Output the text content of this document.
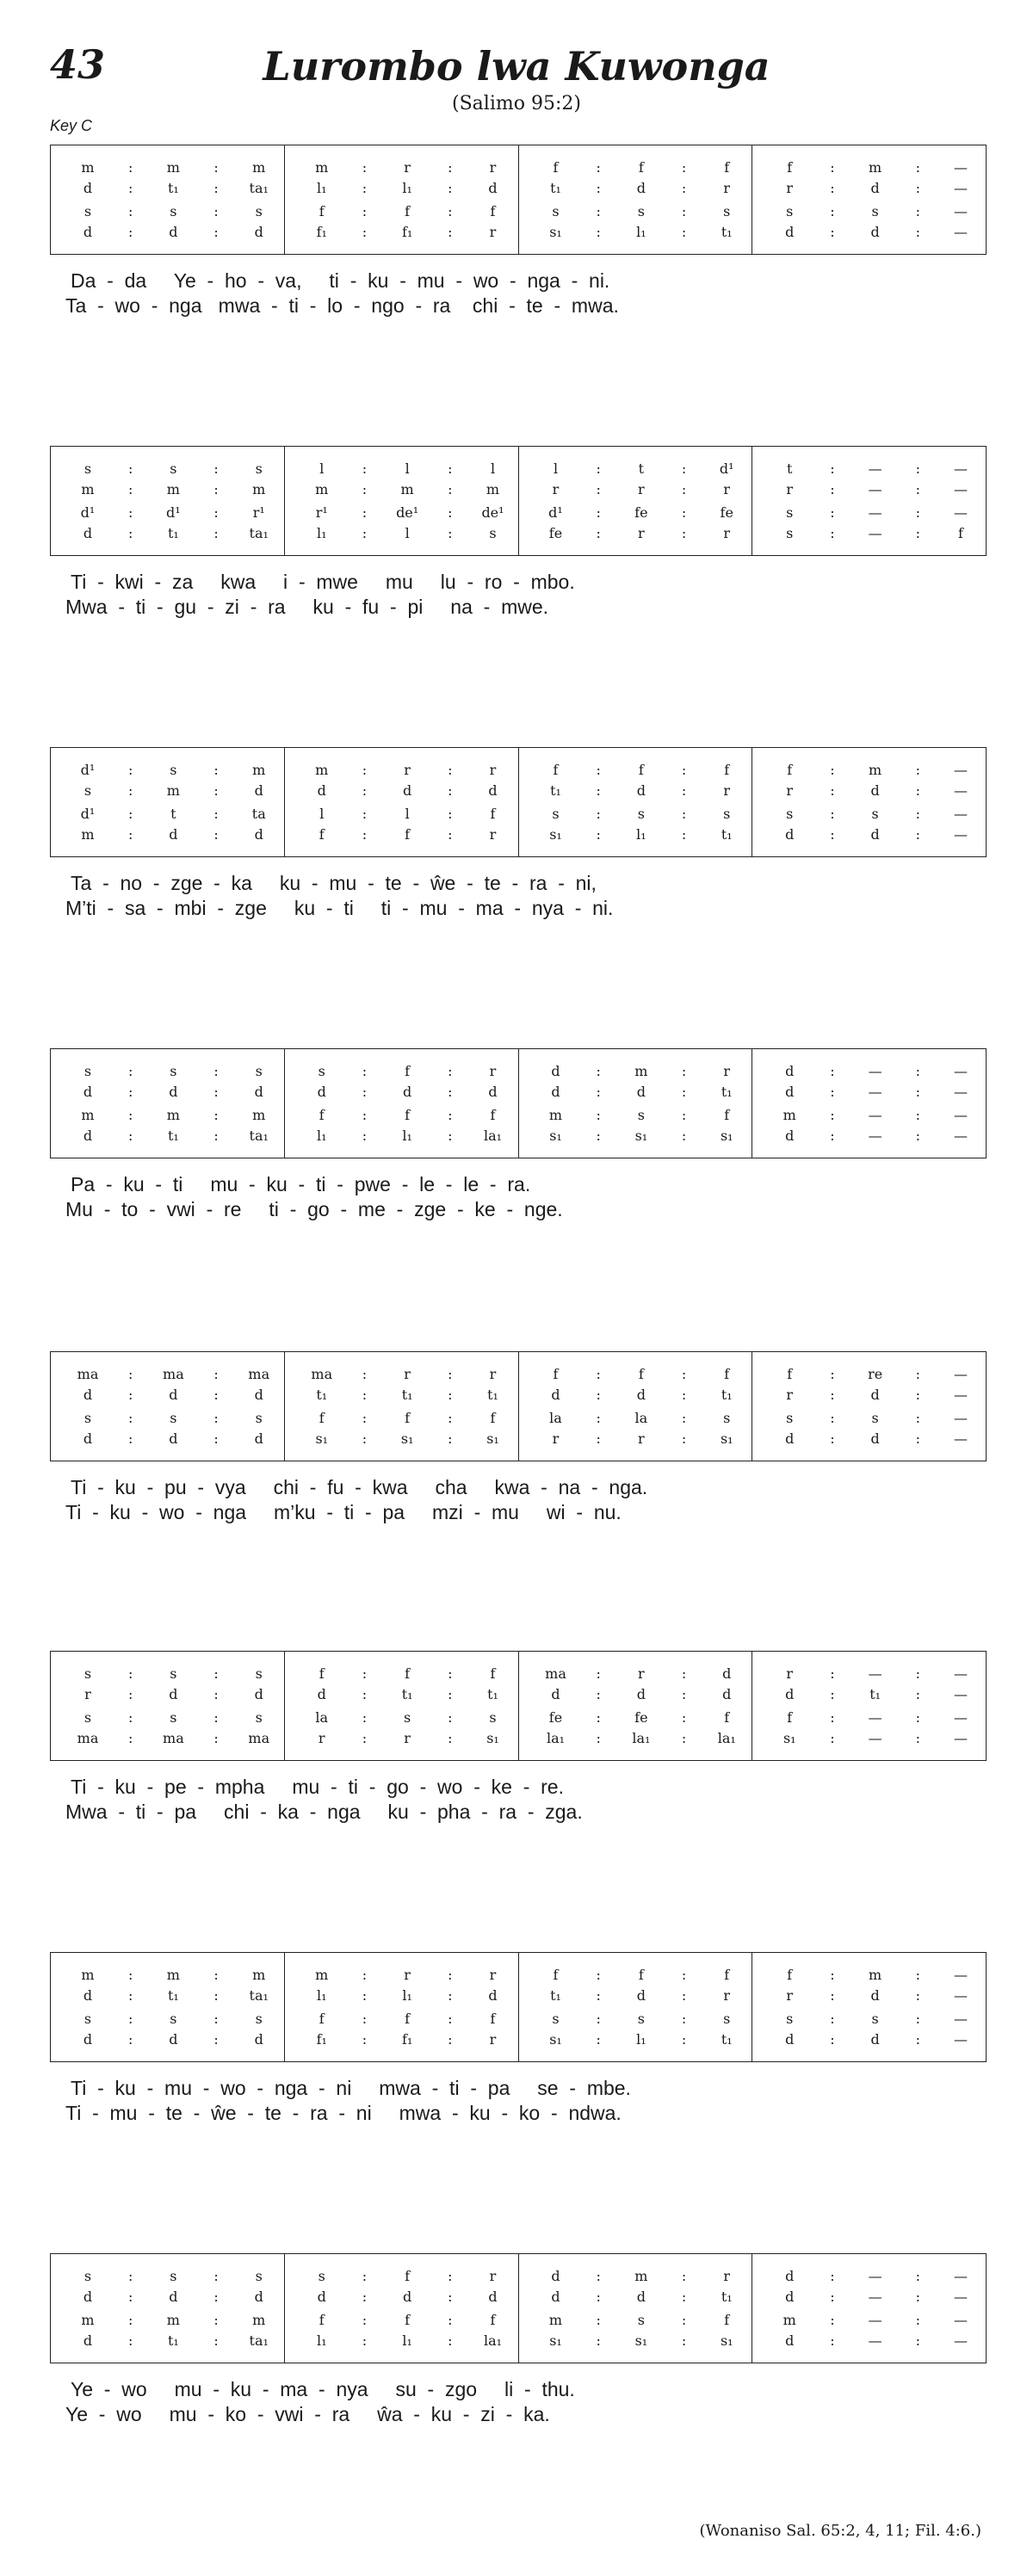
43	Lurombo lwa Kuwonga
(Salimo 95:2)
Key C
m	:	m	:	m
d	:	t₁	:	ta₁
s	:	s	:	s
d	:	d	:	d
m	:	r	:	r
l₁	:	l₁	:	d
f	:	f	:	f
f₁	:	f₁	:	r
f	:	f	:	f
t₁	:	d	:	r
s	:	s	:	s
s₁	:	l₁	:	t₁
f	:	m	:	—
r	:	d	:	—
s	:	s	:	—
d	:	d	:	—
Da  -  da     Ye  -  ho  -  va,     ti  -  ku  -  mu  -  wo  -  nga  -  ni.
Ta  -  wo  -  nga   mwa  -  ti  -  lo  -  ngo  -  ra    chi  -  te  -  mwa.
s	:	s	:	s
m	:	m	:	m
d¹	:	d¹	:	r¹
d	:	t₁	:	ta₁
l	:	l	:	l
m	:	m	:	m
r¹	: de¹ : de¹
l₁	:	l	:	s
l	:	t	:	d¹
r	:	r	:	r
d¹	:	fe	:	fe
fe	:	r	:	r
t	:	—	:	—
r	:	—	:	—
s	:	—	:	—
s	:	—	:	f
Ti  -  kwi  -  za     kwa     i  -  mwe     mu     lu  -  ro  -  mbo.
Mwa  -  ti  -  gu  -  zi  -  ra     ku  -  fu  -  pi     na  -  mwe.
d¹	:	s	:	m
s	:	m	:	d
d¹	:	t	:	ta
m	:	d	:	d
m	:	r	:	r
d	:	d	:	d
l	:	l	:	f
f	:	f	:	r
f	:	f	:	f
t₁	:	d	:	r
s	:	s	:	s
s₁	:	l₁	:	t₁
f	:	m	:	—
r	:	d	:	—
s	:	s	:	—
d	:	d	:	—
Ta  -  no  -  zge  -  ka     ku  -  mu  -  te  -  ŵe  -  te  -  ra  -  ni,
M’ti  -  sa  -  mbi  -  zge     ku  -  ti     ti  -  mu  -  ma  -  nya  -  ni.
s	:	s	:	s
d	:	d	:	d
m	:	m	:	m
d	:	t₁	:	ta₁
s	:	f	:	r
d	:	d	:	d
f	:	f	:	f
l₁	:	l₁	:	la₁
d	:	m	:	r
d	:	d	:	t₁
m	:	s	:	f
s₁	:	s₁	:	s₁
d	:	—	:	—
d	:	—	:	—
m	:	—	:	—
d	:	—	:	—
Pa  -  ku  -  ti     mu  -  ku  -  ti  -  pwe  -  le  -  le  -  ra.
Mu  -  to  -  vwi  -  re     ti  -  go  -  me  -  zge  -  ke  -  nge.
ma : ma : ma
d	:	d	:	d
s	:	s	:	s
d	:	d	:	d
ma :	r	:	r
t₁	:	t₁	:	t₁
f	:	f	:	f
s₁	:	s₁	:	s₁
f	:	f	:	f
d	:	d	:	t₁
la	:	la	:	s
r	:	r	:	s₁
f	:	re	:	—
r	:	d	:	—
s	:	s	:	—
d	:	d	:	—
Ti  -  ku  -  pu  -  vya     chi  -  fu  -  kwa     cha     kwa  -  na  -  nga.
Ti  -  ku  -  wo  -  nga     m’ku  -  ti  -  pa     mzi  -  mu     wi  -  nu.
s	:	s	:	s
r	:	d	:	d
s	:	s	:	s
ma : ma : ma
f	:	f	:	f
d	:	t₁	:	t₁
la	:	s	:	s
r	:	r	:	s₁
ma :	r	:	d
d	:	d	:	d
fe	:	fe	:	f
la₁	:	la₁	:	la₁
r	:	—	:	—
d	:	t₁	:	—
f	:	—	:	—
s₁	:	—	:	—
Ti  -  ku  -  pe  -  mpha     mu  -  ti  -  go  -  wo  -  ke  -  re.
Mwa  -  ti  -  pa     chi  -  ka  -  nga     ku  -  pha  -  ra  -  zga.
m	:	m	:	m
d	:	t₁	:	ta₁
s	:	s	:	s
d	:	d	:	d
m	:	r	:	r
l₁	:	l₁	:	d
f	:	f	:	f
f₁	:	f₁	:	r
f	:	f	:	f
t₁	:	d	:	r
s	:	s	:	s
s₁	:	l₁	:	t₁
f	:	m	:	—
r	:	d	:	—
s	:	s	:	—
d	:	d	:	—
Ti  -  ku  -  mu  -  wo  -  nga  -  ni     mwa  -  ti  -  pa     se  -  mbe.
Ti  -  mu  -  te  -  ŵe  -  te  -  ra  -  ni     mwa  -  ku  -  ko  -  ndwa.
s	:	s	:	s
d	:	d	:	d
m	:	m	:	m
d	:	t₁	:	ta₁
s	:	f	:	r
d	:	d	:	d
f	:	f	:	f
l₁	:	l₁	:	la₁
d	:	m	:	r
d	:	d	:	t₁
m	:	s	:	f
s₁	:	s₁	:	s₁
d	:	—	:	—
d	:	—	:	—
m	:	—	:	—
d	:	—	:	—
Ye  -  wo     mu  -  ku  -  ma  -  nya     su  -  zgo     li  -  thu.
Ye  -  wo     mu  -  ko  -  vwi  -  ra     ŵa  -  ku  -  zi  -  ka.
(Wonaniso Sal. 65:2, 4, 11; Fil. 4:6.)
